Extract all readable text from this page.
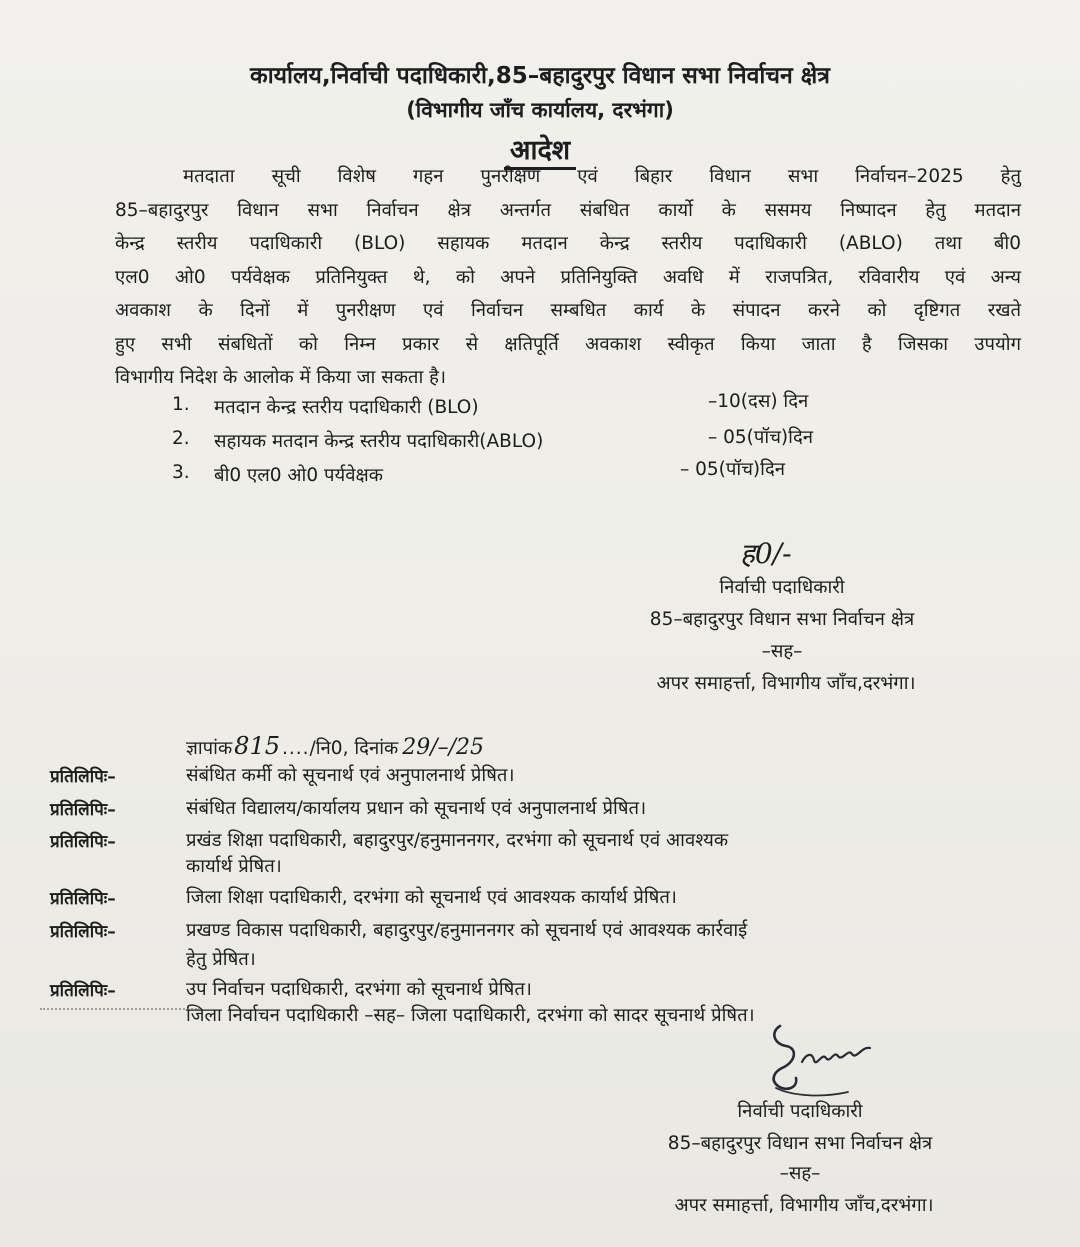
कार्यालय,निर्वाची पदाधिकारी,85–बहादुरपुर विधान सभा निर्वाचन क्षेत्र
(विभागीय जाँच कार्यालय, दरभंगा)
आदेश
मतदाता सूची विशेष गहन पुनरीक्षण एवं बिहार विधान सभा निर्वाचन–2025 हेतु
85–बहादुरपुर विधान सभा निर्वाचन क्षेत्र अन्तर्गत संबधित कार्यो के ससमय निष्पादन हेतु मतदान
केन्द्र स्तरीय पदाधिकारी (BLO) सहायक मतदान केन्द्र स्तरीय पदाधिकारी (ABLO) तथा बी0
एल0 ओ0 पर्यवेक्षक प्रतिनियुक्त थे, को अपने प्रतिनियुक्ति अवधि में राजपत्रित, रविवारीय एवं अन्य
अवकाश के दिनों में पुनरीक्षण एवं निर्वाचन सम्बधित कार्य के संपादन करने को दृष्टिगत रखते
हुए सभी संबधितों को निम्न प्रकार से क्षतिपूर्ति अवकाश स्वीकृत किया जाता है जिसका उपयोग
विभागीय निदेश के आलोक में किया जा सकता है।
1. मतदान केन्द्र स्तरीय पदाधिकारी (BLO)	–10(दस) दिन
2. सहायक मतदान केन्द्र स्तरीय पदाधिकारी(ABLO)	– 05(पॉच)दिन
3. बी0 एल0 ओ0 पर्यवेक्षक	– 05(पॉच)दिन
ह0/-
निर्वाची पदाधिकारी
85–बहादुरपुर विधान सभा निर्वाचन क्षेत्र
–सह–
अपर समाहर्त्ता, विभागीय जाँच,दरभंगा।
ज्ञापांक815 ..../नि0, दिनांक 29/–/25
प्रतिलिपिः–	संबंधित कर्मी को सूचनार्थ एवं अनुपालनार्थ प्रेषित।
प्रतिलिपिः–	संबंधित विद्यालय/कार्यालय प्रधान को सूचनार्थ एवं अनुपालनार्थ प्रेषित।
प्रतिलिपिः–	प्रखंड शिक्षा पदाधिकारी, बहादुरपुर/हनुमाननगर, दरभंगा को सूचनार्थ एवं आवश्यक
कार्यार्थ प्रेषित।
प्रतिलिपिः–	जिला शिक्षा पदाधिकारी, दरभंगा को सूचनार्थ एवं आवश्यक कार्यार्थ प्रेषित।
प्रतिलिपिः–	प्रखण्ड विकास पदाधिकारी, बहादुरपुर/हनुमाननगर को सूचनार्थ एवं आवश्यक कार्रवाई
हेतु प्रेषित।
प्रतिलिपिः–	उप निर्वाचन पदाधिकारी, दरभंगा को सूचनार्थ प्रेषित।
जिला निर्वाचन पदाधिकारी –सह– जिला पदाधिकारी, दरभंगा को सादर सूचनार्थ प्रेषित।
निर्वाची पदाधिकारी
85–बहादुरपुर विधान सभा निर्वाचन क्षेत्र
–सह–
अपर समाहर्त्ता, विभागीय जाँच,दरभंगा।
